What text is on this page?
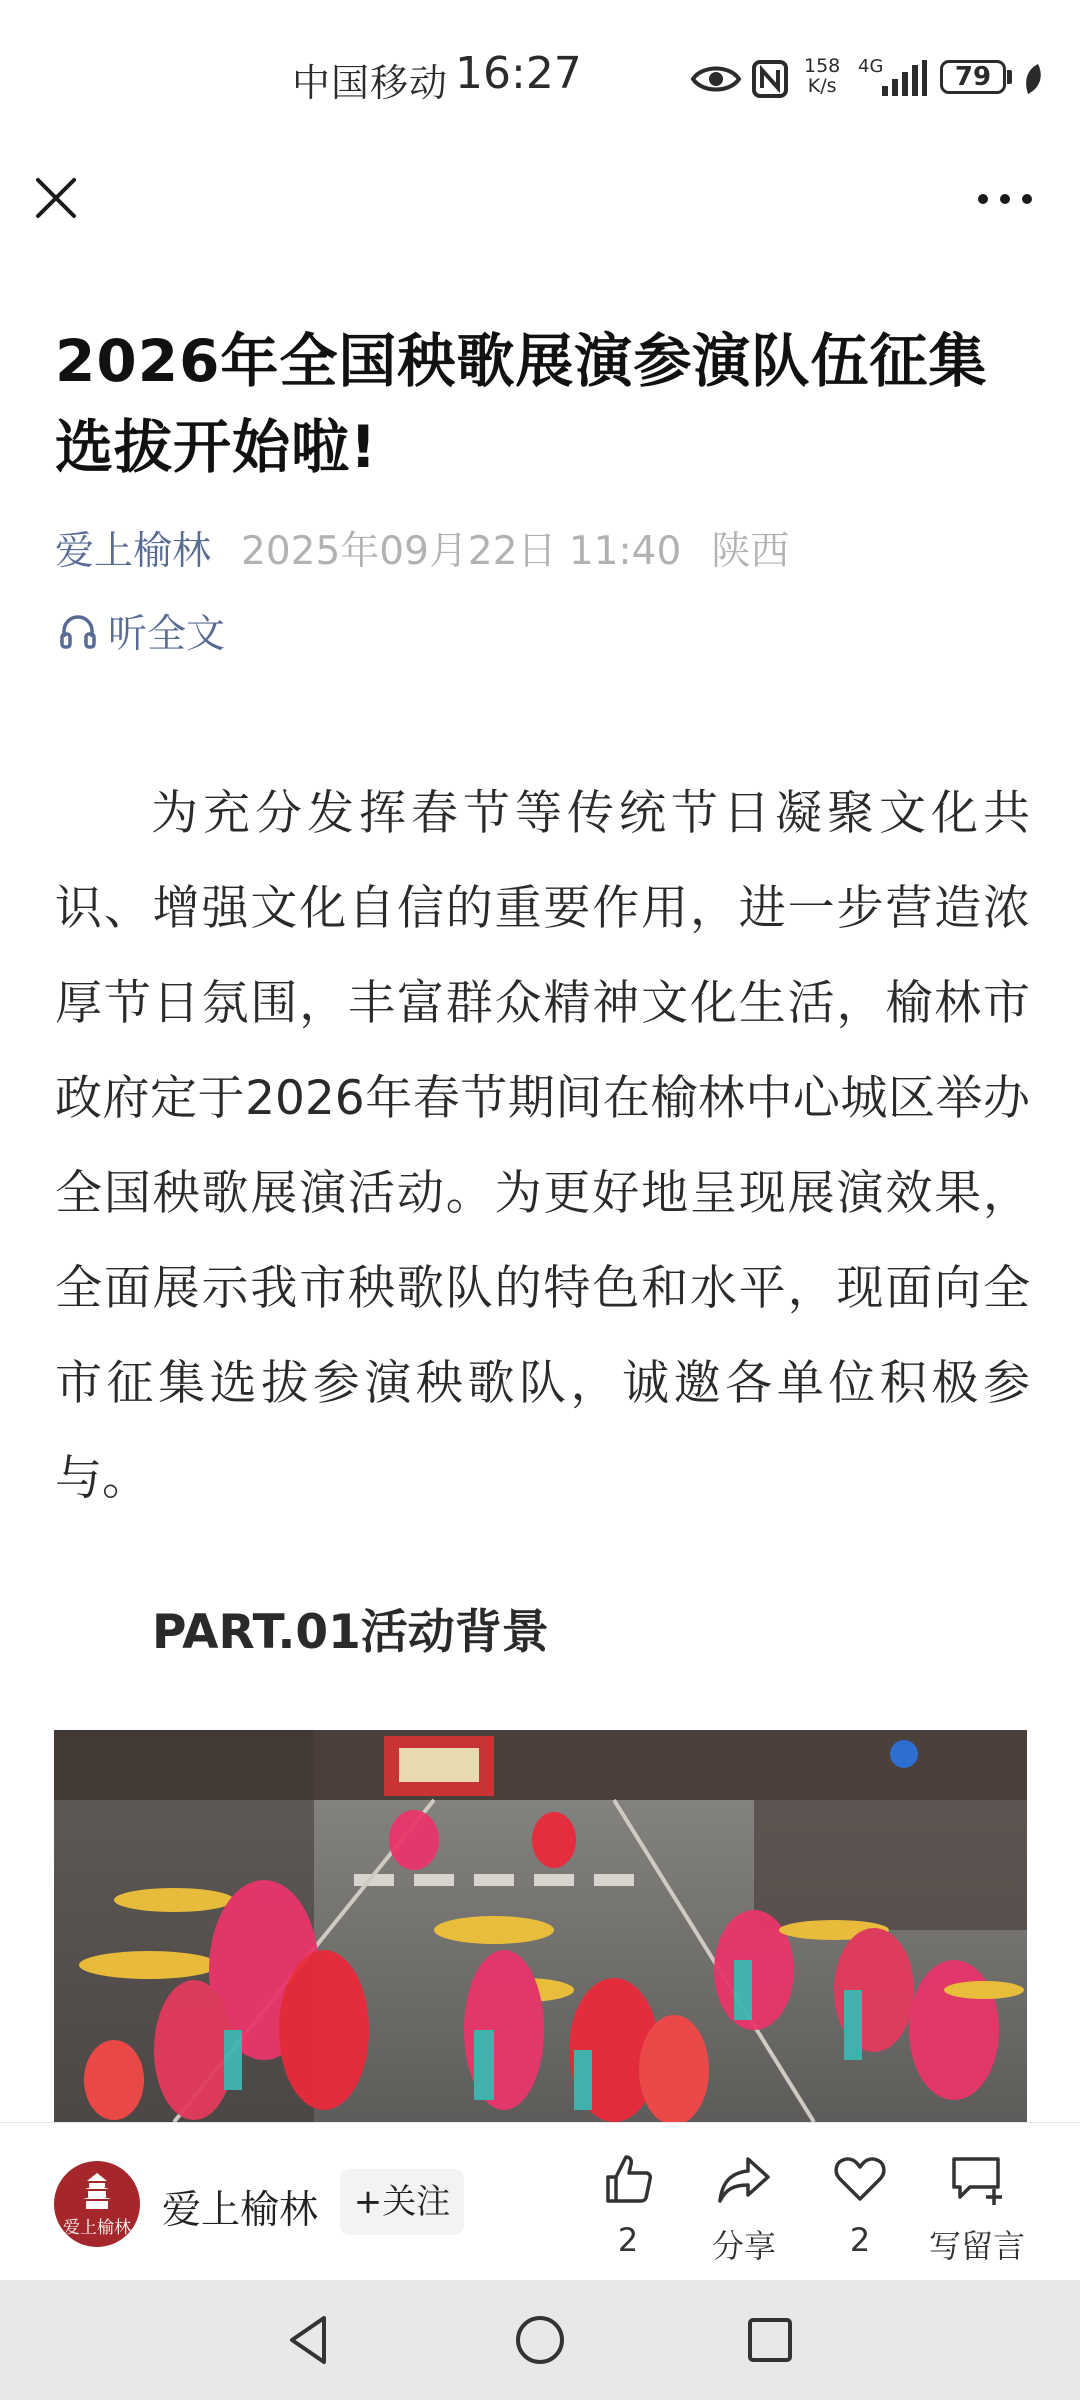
中国移动 16:27	158
K/s
4G	79
2026年全国秧歌展演参演队伍征集选拔开始啦!
爱上榆林 2025年09月22日 11:40 陕西
听全文

为充分发挥春节等传统节日凝聚文化共识、增强文化自信的重要作用，进一步营造浓厚节日氛围，丰富群众精神文化生活，榆林市政府定于2026年春节期间在榆林中心城区举办全国秧歌展演活动。为更好地呈现展演效果，全面展示我市秧歌队的特色和水平，现面向全市征集选拔参演秧歌队，诚邀各单位积极参与。

PART.01活动背景
爱上榆林 爱上榆林	+关注
2	分享	2	写留言
